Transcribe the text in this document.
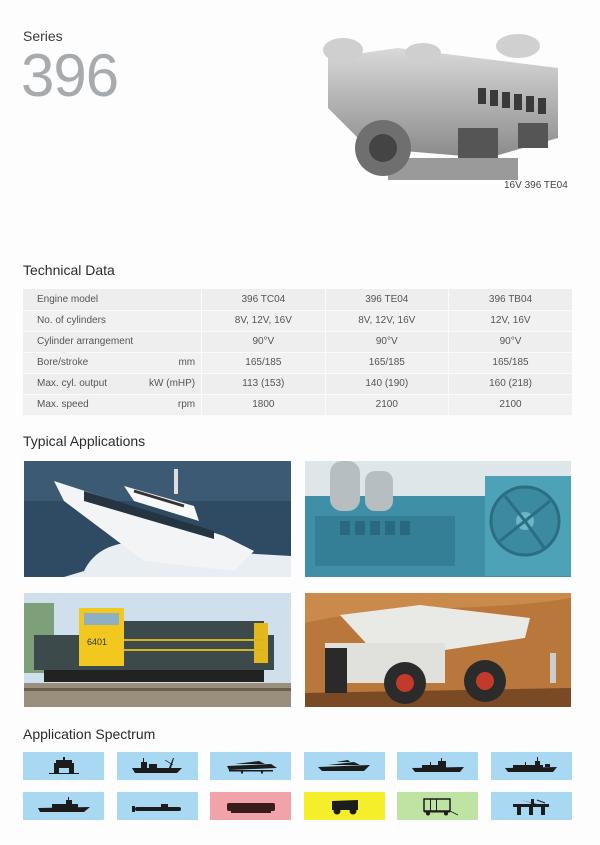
Series
396
16V 396 TE04
Technical Data
Engine model		396 TC04	396 TE04	396 TB04
No. of cylinders		8V, 12V, 16V	8V, 12V, 16V	12V, 16V
Cylinder arrangement		90°V	90°V	90°V
Bore/stroke	mm	165/185	165/185	165/185
Max. cyl. output	kW (mHP)	113 (153)	140 (190)	160 (218)
Max. speed	rpm	1800	2100	2100
Typical Applications
6401
Application Spectrum
